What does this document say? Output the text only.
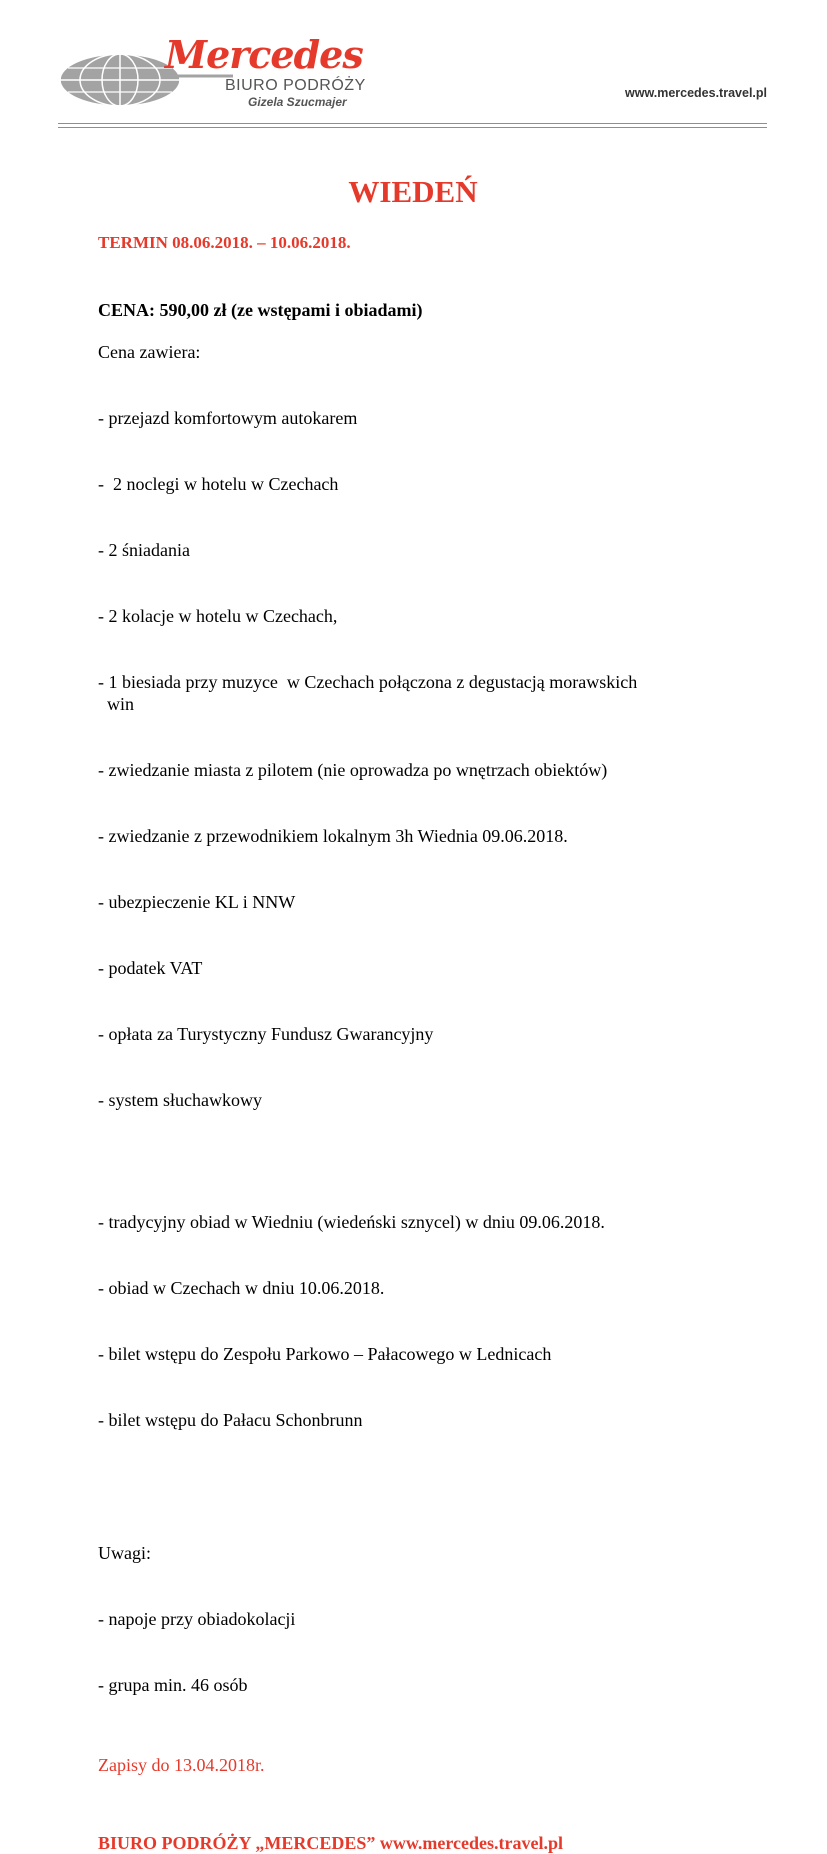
Mercedes
BIURO PODRÓŻY
Gizela Szucmajer
www.mercedes.travel.pl
WIEDEŃ
TERMIN 08.06.2018. – 10.06.2018.
CENA: 590,00 zł (ze wstępami i obiadami)
Cena zawiera:

- przejazd komfortowym autokarem

-  2 noclegi w hotelu w Czechach

- 2 śniadania

- 2 kolacje w hotelu w Czechach,

- 1 biesiada przy muzyce  w Czechach połączona z degustacją morawskich
win

- zwiedzanie miasta z pilotem (nie oprowadza po wnętrzach obiektów)

- zwiedzanie z przewodnikiem lokalnym 3h Wiednia 09.06.2018.

- ubezpieczenie KL i NNW

- podatek VAT

- opłata za Turystyczny Fundusz Gwarancyjny

- system słuchawkowy

- tradycyjny obiad w Wiedniu (wiedeński sznycel) w dniu 09.06.2018.

- obiad w Czechach w dniu 10.06.2018.

- bilet wstępu do Zespołu Parkowo – Pałacowego w Lednicach

- bilet wstępu do Pałacu Schonbrunn

Uwagi:

- napoje przy obiadokolacji

- grupa min. 46 osób

Zapisy do 13.04.2018r.
BIURO PODRÓŻY „MERCEDES” www.mercedes.travel.pl
